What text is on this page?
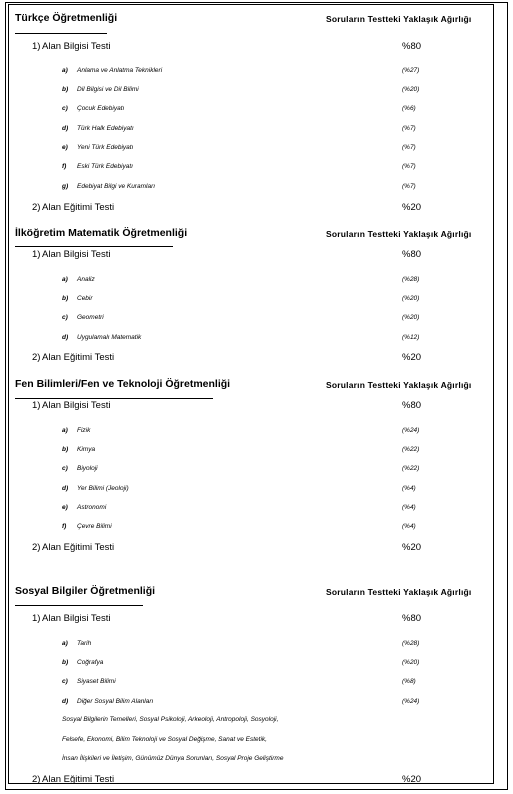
Türkçe Öğretmenliği	Soruların Testteki Yaklaşık Ağırlığı
1) Alan Bilgisi Testi	%80
a) Anlama ve Anlatma Teknikleri	(%27)
b) Dil Bilgisi ve Dil Bilimi	(%20)
c) Çocuk Edebiyatı	(%6)
d) Türk Halk Edebiyatı	(%7)
e) Yeni Türk Edebiyatı	(%7)
f) Eski Türk Edebiyatı	(%7)
g) Edebiyat Bilgi ve Kuramları	(%7)
2) Alan Eğitimi Testi	%20
İlköğretim Matematik Öğretmenliği	Soruların Testteki Yaklaşık Ağırlığı
1) Alan Bilgisi Testi	%80
a) Analiz	(%28)
b) Cebir	(%20)
c) Geometri	(%20)
d) Uygulamalı Matematik	(%12)
2) Alan Eğitimi Testi	%20
Fen Bilimleri/Fen ve Teknoloji Öğretmenliği	Soruların Testteki Yaklaşık Ağırlığı
1) Alan Bilgisi Testi	%80
a) Fizik	(%24)
b) Kimya	(%22)
c) Biyoloji	(%22)
d) Yer Bilimi (Jeoloji)	(%4)
e) Astronomi	(%4)
f) Çevre Bilimi	(%4)
2) Alan Eğitimi Testi	%20
Sosyal Bilgiler Öğretmenliği	Soruların Testteki Yaklaşık Ağırlığı
1) Alan Bilgisi Testi	%80
a) Tarih	(%28)
b) Coğrafya	(%20)
c) Siyaset Bilimi	(%8)
d) Diğer Sosyal Bilim Alanları	(%24)
Sosyal Bilgilerin Temelleri, Sosyal Psikoloji, Arkeoloji, Antropoloji, Sosyoloji,
Felsefe, Ekonomi, Bilim Teknoloji ve Sosyal Değişme, Sanat ve Estetik,
İnsan İlişkileri ve İletişim, Günümüz Dünya Sorunları, Sosyal Proje Geliştirme
2) Alan Eğitimi Testi	%20
